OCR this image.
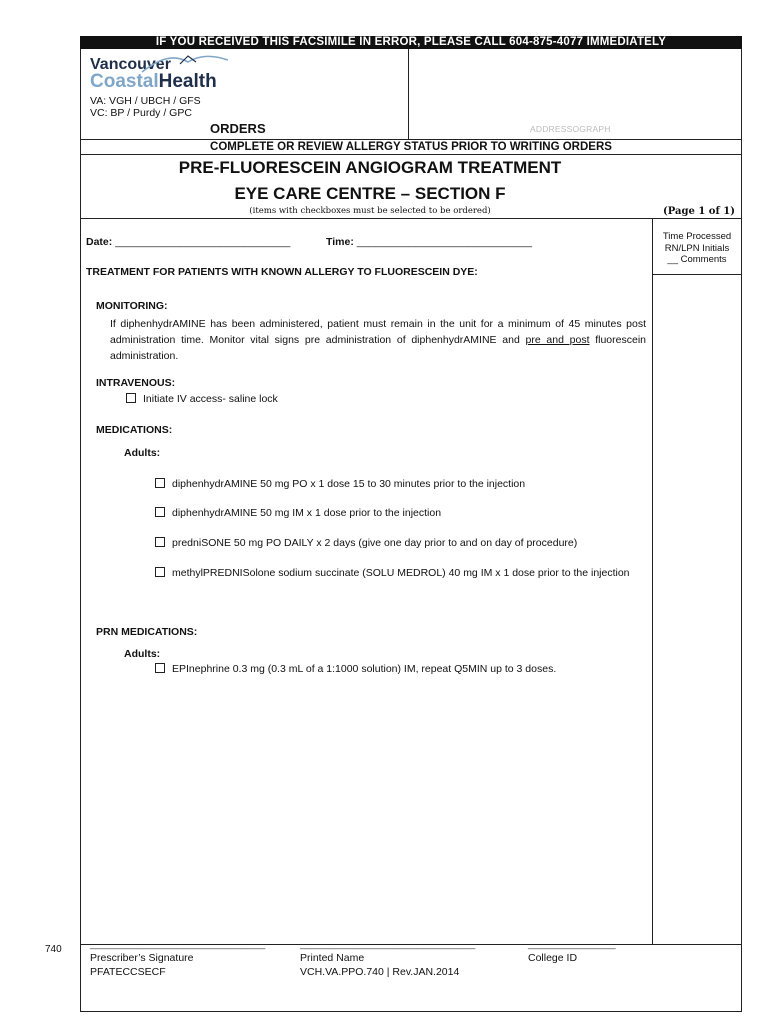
IF YOU RECEIVED THIS FACSIMILE IN ERROR, PLEASE CALL 604-875-4077 IMMEDIATELY
Vancouver
CoastalHealth
VA: VGH / UBCH / GFS
VC: BP / Purdy / GPC
ORDERS	ADDRESSOGRAPH
COMPLETE OR REVIEW ALLERGY STATUS PRIOR TO WRITING ORDERS
PRE-FLUORESCEIN ANGIOGRAM TREATMENT
EYE CARE CENTRE – SECTION F
(items with checkboxes must be selected to be ordered)	(Page 1 of 1)
Time Processed
RN/LPN Initials
__ Comments
Date: ______________________________	Time: ______________________________
TREATMENT FOR PATIENTS WITH KNOWN ALLERGY TO FLUORESCEIN DYE:
MONITORING:
If diphenhydrAMINE has been administered, patient must remain in the unit for a minimum of 45 minutes post administration time. Monitor vital signs pre administration of diphenhydrAMINE and pre and post fluorescein administration.
INTRAVENOUS:
Initiate IV access- saline lock
MEDICATIONS:
Adults:
diphenhydrAMINE 50 mg PO x 1 dose 15 to 30 minutes prior to the injection
diphenhydrAMINE 50 mg IM x 1 dose prior to the injection
predniSONE 50 mg PO DAILY x 2 days (give one day prior to and on day of procedure)
methylPREDNISolone sodium succinate (SOLU MEDROL) 40 mg IM x 1 dose prior to the injection
PRN MEDICATIONS:
Adults:
EPInephrine 0.3 mg (0.3 mL of a 1:1000 solution) IM, repeat Q5MIN up to 3 doses.
740	______________________________	______________________________	_______________
Prescriber’s Signature	Printed Name	College ID
PFATECCSECF	VCH.VA.PPO.740 | Rev.JAN.2014
